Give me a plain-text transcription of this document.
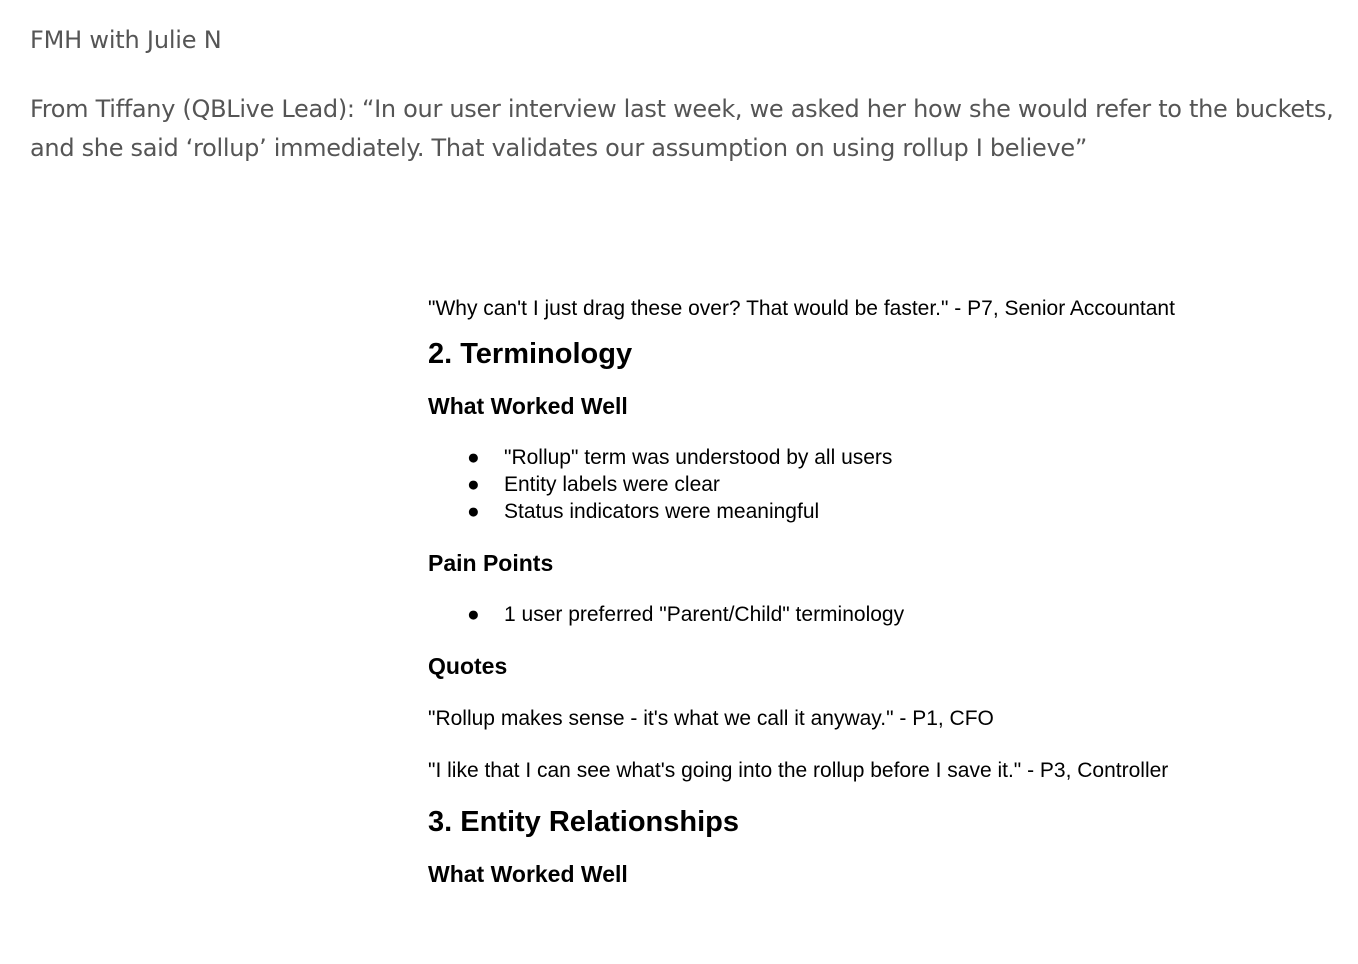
FMH with Julie N

From Tiffany (QBLive Lead): “In our user interview last week, we asked her how she would refer to the buckets, and she said ‘rollup’ immediately. That validates our assumption on using rollup I believe”

"Why can't I just drag these over? That would be faster." - P7, Senior Accountant

2. Terminology
What Worked Well
● "Rollup" term was understood by all users
● Entity labels were clear
● Status indicators were meaningful
Pain Points
● 1 user preferred "Parent/Child" terminology
Quotes

"Rollup makes sense - it's what we call it anyway." - P1, CFO

"I like that I can see what's going into the rollup before I save it." - P3, Controller

3. Entity Relationships
What Worked Well
